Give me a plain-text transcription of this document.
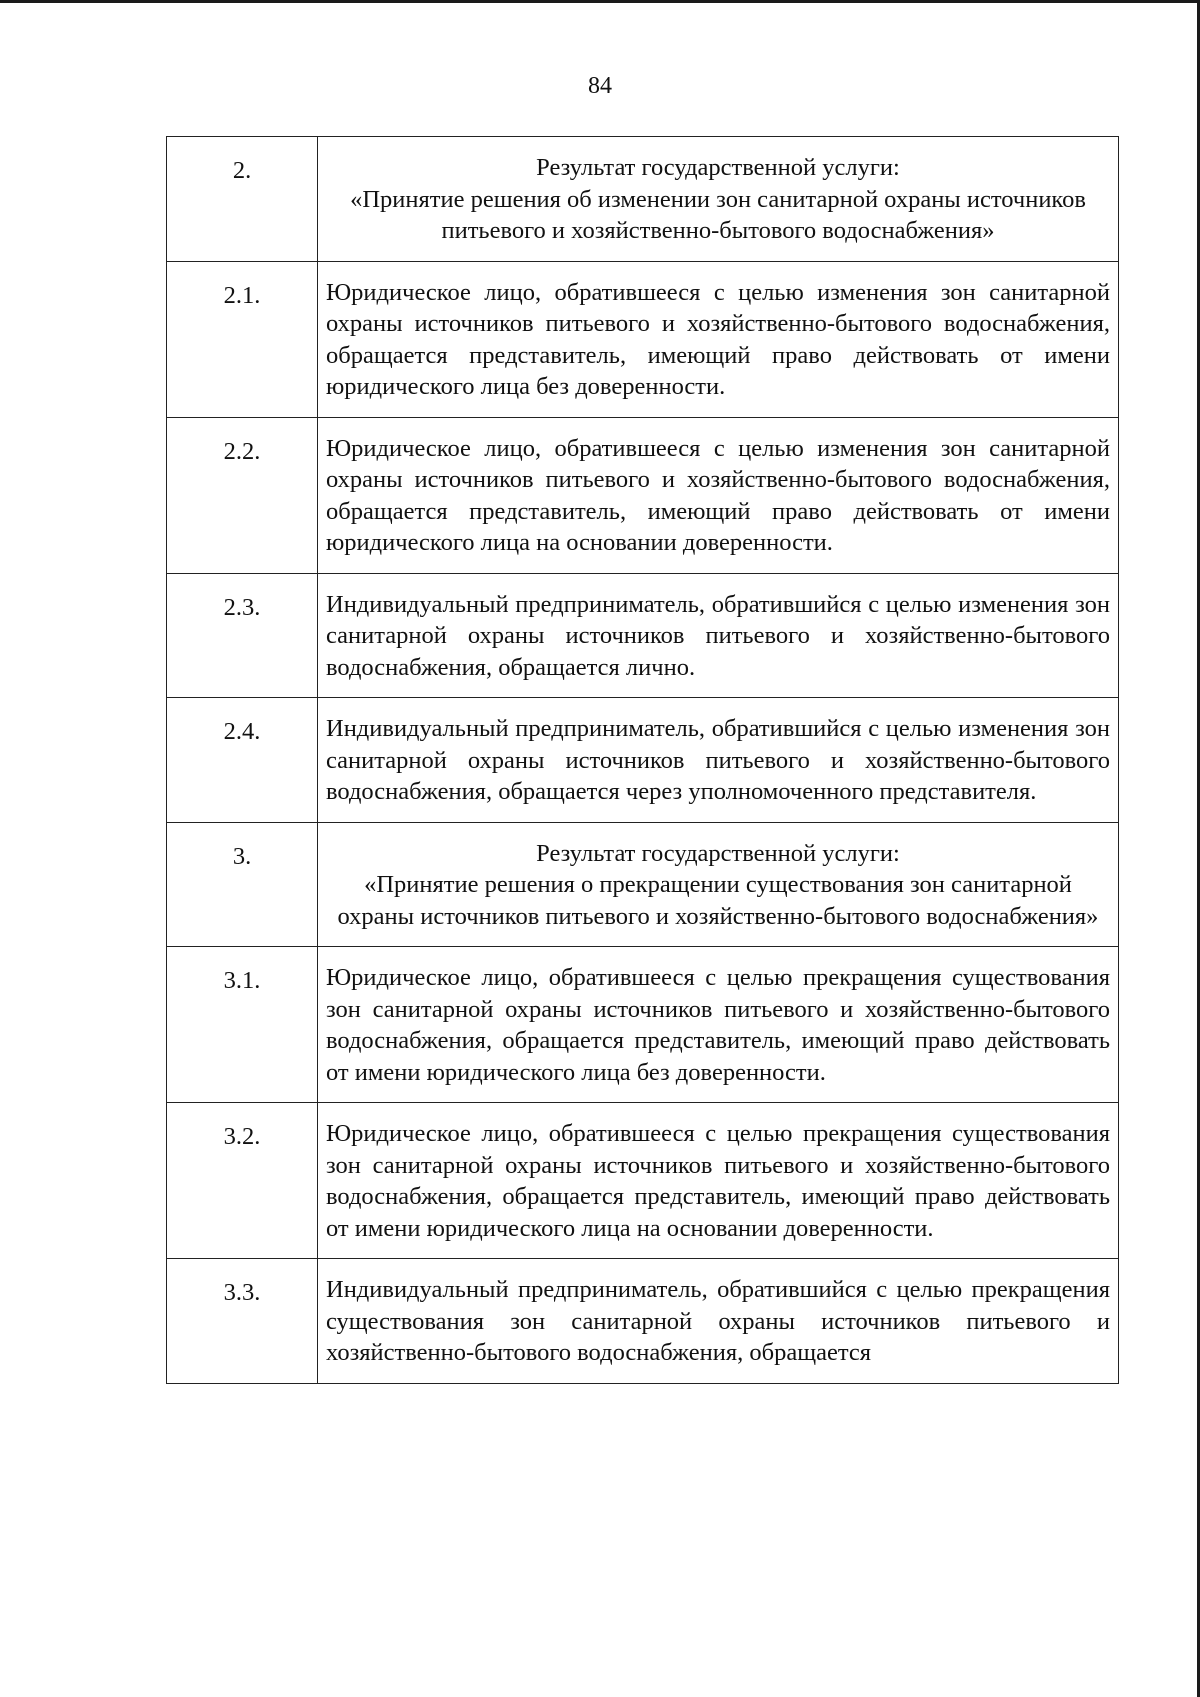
84
2.	Результат государственной услуги:
«Принятие решения об изменении зон санитарной охраны источников питьевого и хозяйственно-бытового водоснабжения»

2.1.	Юридическое лицо, обратившееся с целью изменения зон санитарной охраны источников питьевого и хозяйственно-бытового водоснабжения, обращается представитель, имеющий право действовать от имени юридического лица без доверенности.
2.2.	Юридическое лицо, обратившееся с целью изменения зон санитарной охраны источников питьевого и хозяйственно-бытового водоснабжения, обращается представитель, имеющий право действовать от имени юридического лица на основании доверенности.
2.3.	Индивидуальный предприниматель, обратившийся с целью изменения зон санитарной охраны источников питьевого и хозяйственно-бытового водоснабжения, обращается лично.
2.4.	Индивидуальный предприниматель, обратившийся с целью изменения зон санитарной охраны источников питьевого и хозяйственно-бытового водоснабжения, обращается через уполномоченного представителя.
3.	Результат государственной услуги:
«Принятие решения о прекращении существования зон санитарной охраны источников питьевого и хозяйственно-бытового водоснабжения»

3.1.	Юридическое лицо, обратившееся с целью прекращения существования зон санитарной охраны источников питьевого и хозяйственно-бытового водоснабжения, обращается представитель, имеющий право действовать от имени юридического лица без доверенности.
3.2.	Юридическое лицо, обратившееся с целью прекращения существования зон санитарной охраны источников питьевого и хозяйственно-бытового водоснабжения, обращается представитель, имеющий право действовать от имени юридического лица на основании доверенности.
3.3.	Индивидуальный предприниматель, обратившийся с целью прекращения существования зон санитарной охраны источников питьевого и хозяйственно-бытового водоснабжения, обращается
